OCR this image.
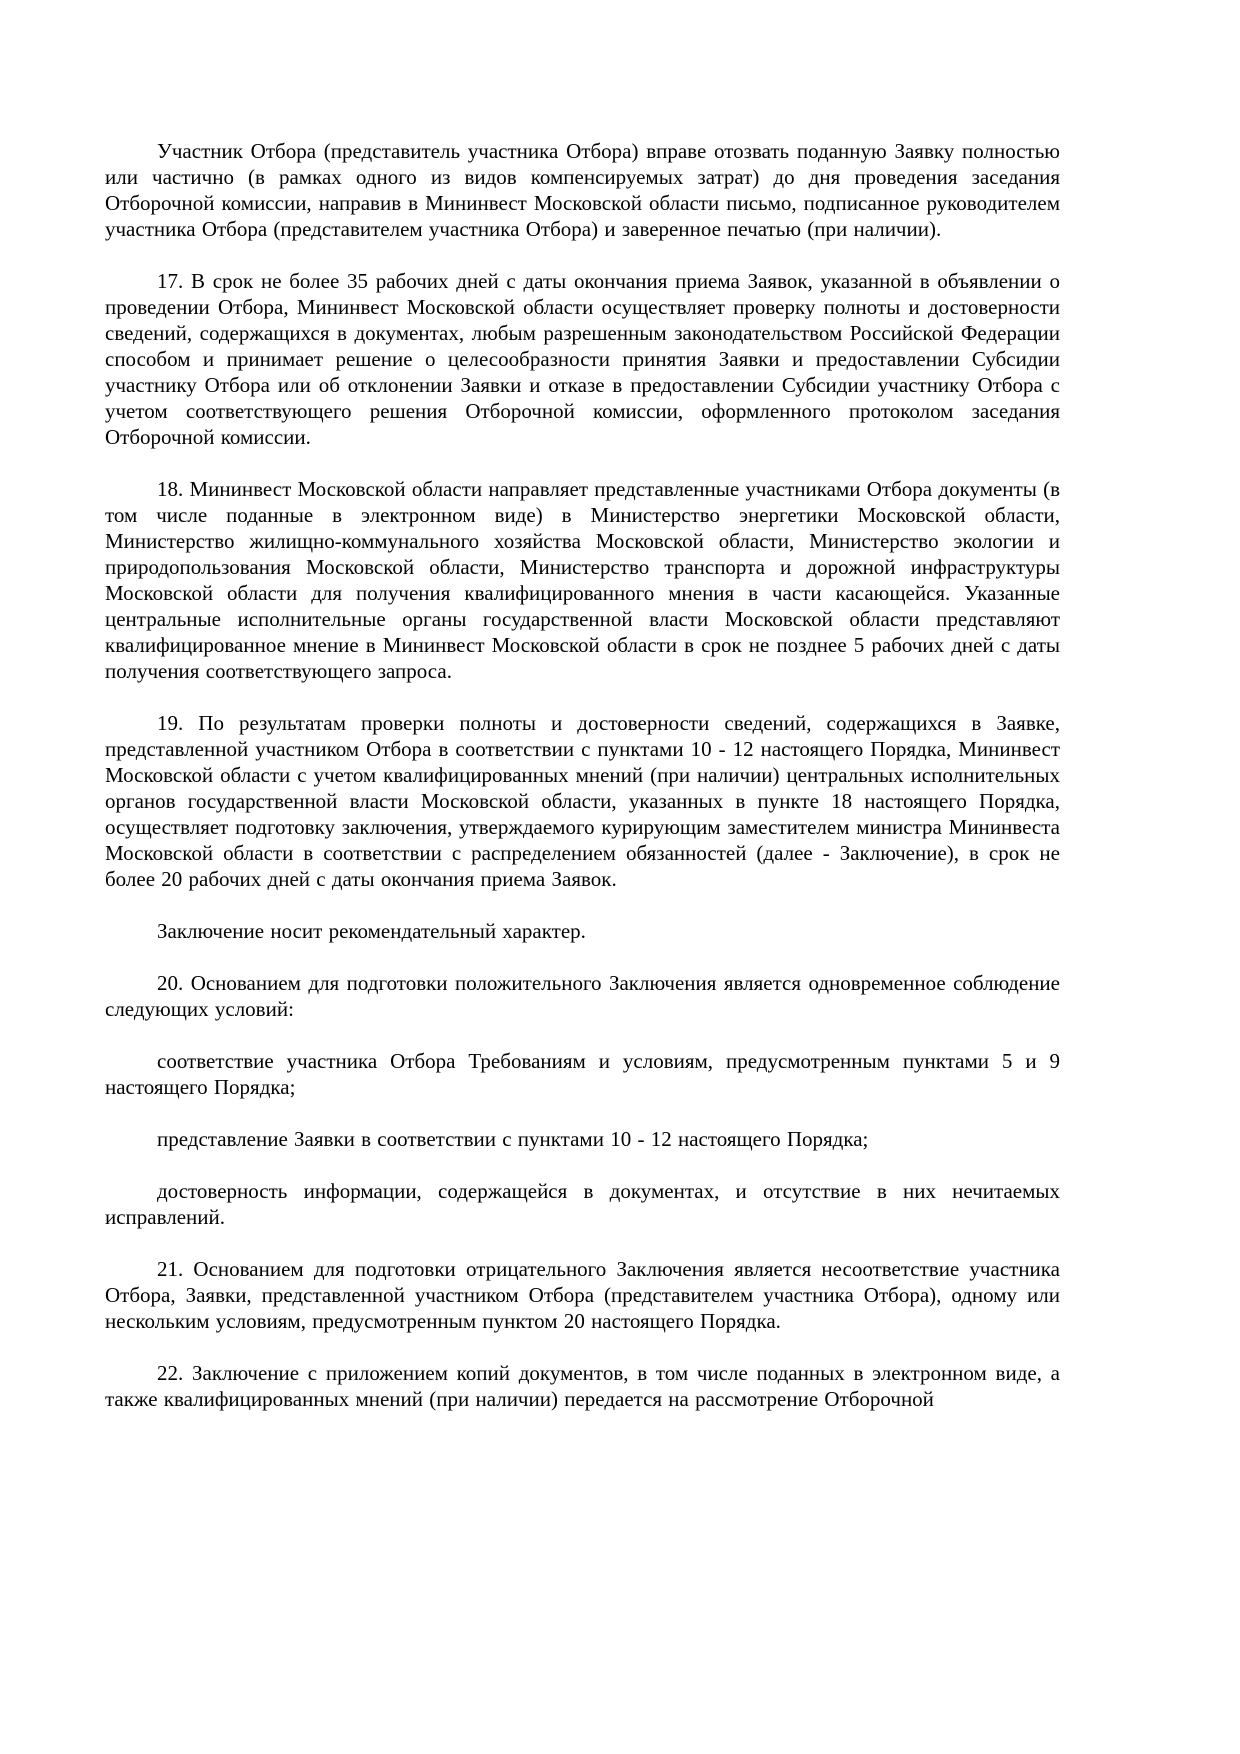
Участник Отбора (представитель участника Отбора) вправе отозвать поданную Заявку полностью или частично (в рамках одного из видов компенсируемых затрат) до дня проведения заседания Отборочной комиссии, направив в Мининвест Московской области письмо, подписанное руководителем участника Отбора (представителем участника Отбора) и заверенное печатью (при наличии).

17. В срок не более 35 рабочих дней с даты окончания приема Заявок, указанной в объявлении о проведении Отбора, Мининвест Московской области осуществляет проверку полноты и достоверности сведений, содержащихся в документах, любым разрешенным законодательством Российской Федерации способом и принимает решение о целесообразности принятия Заявки и предоставлении Субсидии участнику Отбора или об отклонении Заявки и отказе в предоставлении Субсидии участнику Отбора с учетом соответствующего решения Отборочной комиссии, оформленного протоколом заседания Отборочной комиссии.

18. Мининвест Московской области направляет представленные участниками Отбора документы (в том числе поданные в электронном виде) в Министерство энергетики Московской области, Министерство жилищно-коммунального хозяйства Московской области, Министерство экологии и природопользования Московской области, Министерство транспорта и дорожной инфраструктуры Московской области для получения квалифицированного мнения в части касающейся. Указанные центральные исполнительные органы государственной власти Московской области представляют квалифицированное мнение в Мининвест Московской области в срок не позднее 5 рабочих дней с даты получения соответствующего запроса.

19. По результатам проверки полноты и достоверности сведений, содержащихся в Заявке, представленной участником Отбора в соответствии с пунктами 10 - 12 настоящего Порядка, Мининвест Московской области с учетом квалифицированных мнений (при наличии) центральных исполнительных органов государственной власти Московской области, указанных в пункте 18 настоящего Порядка, осуществляет подготовку заключения, утверждаемого курирующим заместителем министра Мининвеста Московской области в соответствии с распределением обязанностей (далее - Заключение), в срок не более 20 рабочих дней с даты окончания приема Заявок.

Заключение носит рекомендательный характер.

20. Основанием для подготовки положительного Заключения является одновременное соблюдение следующих условий:

соответствие участника Отбора Требованиям и условиям, предусмотренным пунктами 5 и 9 настоящего Порядка;

представление Заявки в соответствии с пунктами 10 - 12 настоящего Порядка;

достоверность информации, содержащейся в документах, и отсутствие в них нечитаемых исправлений.

21. Основанием для подготовки отрицательного Заключения является несоответствие участника Отбора, Заявки, представленной участником Отбора (представителем участника Отбора), одному или нескольким условиям, предусмотренным пунктом 20 настоящего Порядка.

22. Заключение с приложением копий документов, в том числе поданных в электронном виде, а также квалифицированных мнений (при наличии) передается на рассмотрение Отборочной
